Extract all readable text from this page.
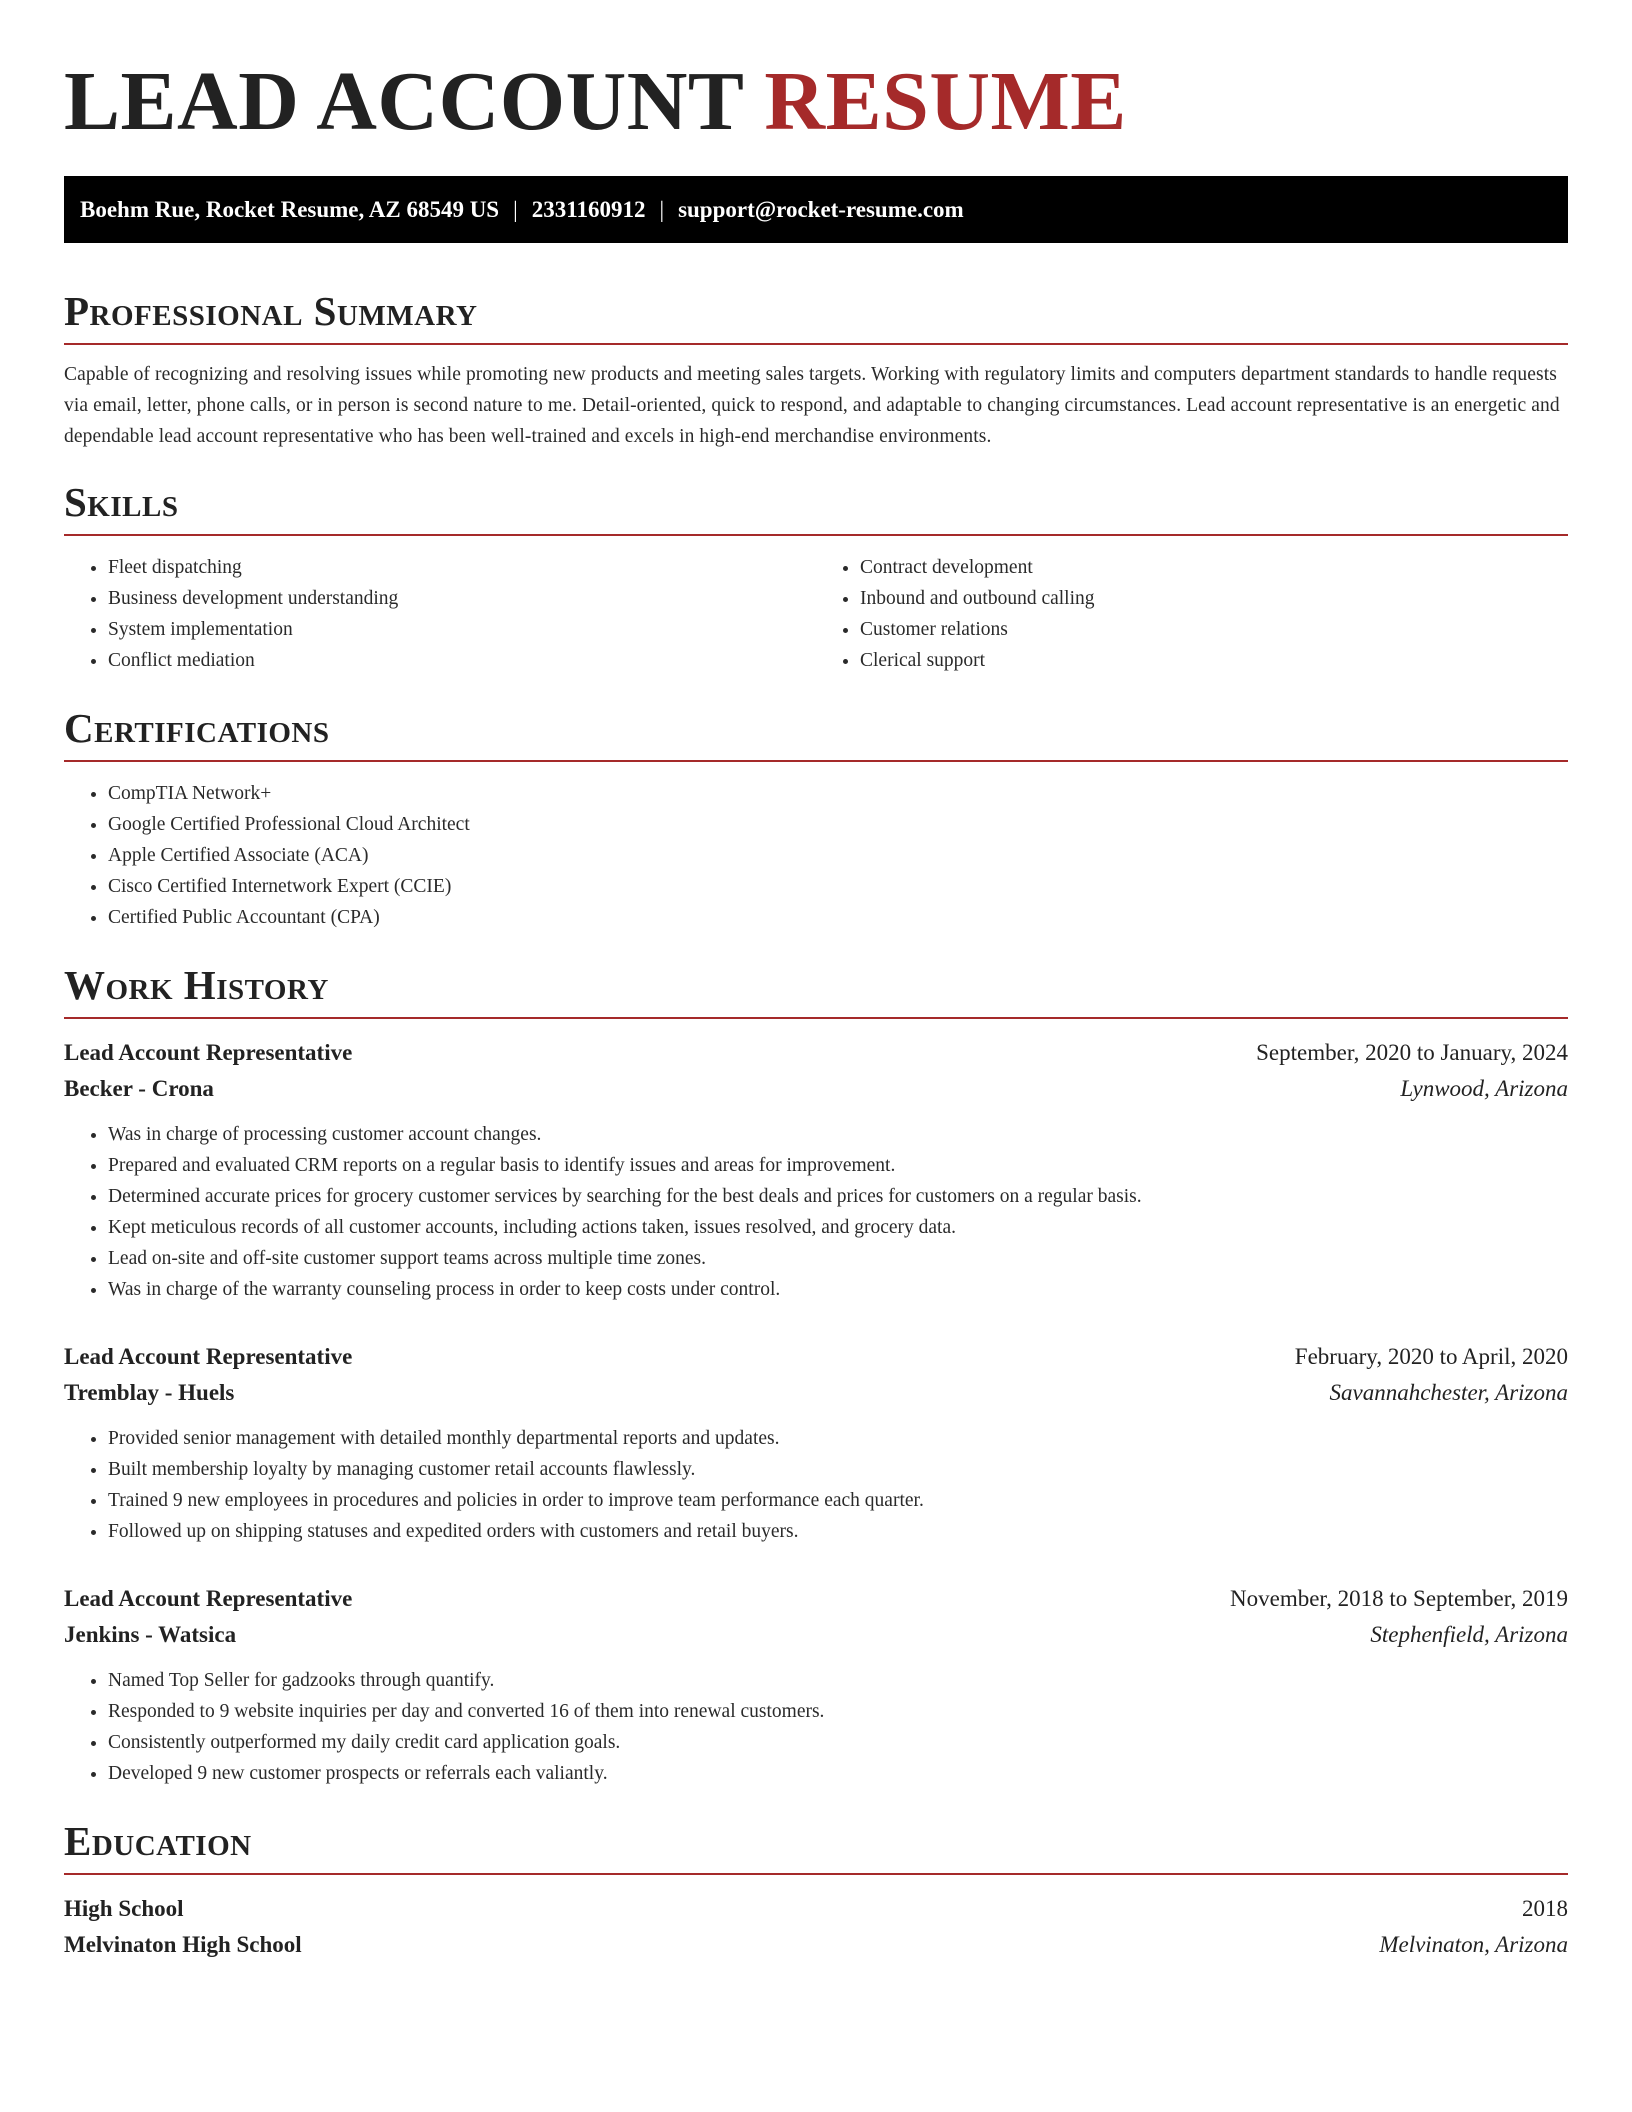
LEAD ACCOUNT RESUME
Boehm Rue, Rocket Resume, AZ 68549 US | 2331160912 | support@rocket-resume.com
Professional Summary

Capable of recognizing and resolving issues while promoting new products and meeting sales targets. Working with regulatory limits and computers department standards to handle requests via email, letter, phone calls, or in person is second nature to me. Detail-oriented, quick to respond, and adaptable to changing circumstances. Lead account representative is an energetic and dependable lead account representative who has been well-trained and excels in high-end merchandise environments.

Skills
• Fleet dispatching
• Business development understanding
• System implementation
• Conflict mediation
• Contract development
• Inbound and outbound calling
• Customer relations
• Clerical support
Certifications
• CompTIA Network+
• Google Certified Professional Cloud Architect
• Apple Certified Associate (ACA)
• Cisco Certified Internetwork Expert (CCIE)
• Certified Public Accountant (CPA)
Work History
Lead Account Representative	September, 2020 to January, 2024
Becker - Crona	Lynwood, Arizona
• Was in charge of processing customer account changes.
• Prepared and evaluated CRM reports on a regular basis to identify issues and areas for improvement.
• Determined accurate prices for grocery customer services by searching for the best deals and prices for customers on a regular basis.
• Kept meticulous records of all customer accounts, including actions taken, issues resolved, and grocery data.
• Lead on-site and off-site customer support teams across multiple time zones.
• Was in charge of the warranty counseling process in order to keep costs under control.
Lead Account Representative	February, 2020 to April, 2020
Tremblay - Huels	Savannahchester, Arizona
• Provided senior management with detailed monthly departmental reports and updates.
• Built membership loyalty by managing customer retail accounts flawlessly.
• Trained 9 new employees in procedures and policies in order to improve team performance each quarter.
• Followed up on shipping statuses and expedited orders with customers and retail buyers.
Lead Account Representative	November, 2018 to September, 2019
Jenkins - Watsica	Stephenfield, Arizona
• Named Top Seller for gadzooks through quantify.
• Responded to 9 website inquiries per day and converted 16 of them into renewal customers.
• Consistently outperformed my daily credit card application goals.
• Developed 9 new customer prospects or referrals each valiantly.
Education
High School	2018
Melvinaton High School	Melvinaton, Arizona
